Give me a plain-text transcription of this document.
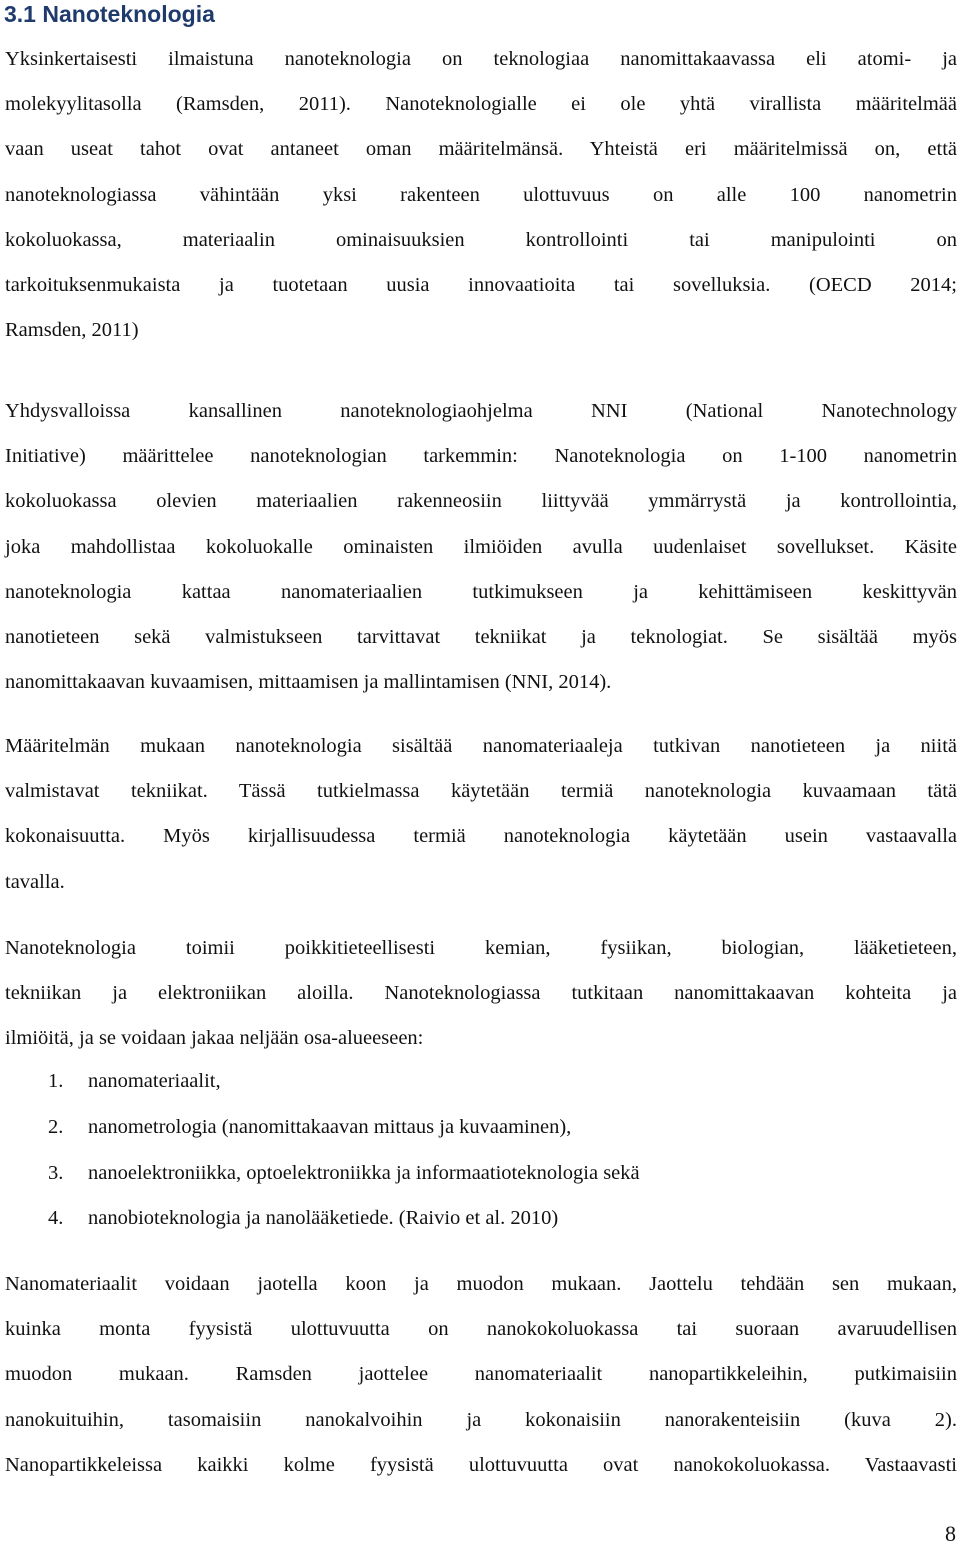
3.1 Nanoteknologia

Yksinkertaisesti ilmaistuna nanoteknologia on teknologiaa nanomittakaavassa eli atomi- ja
molekyylitasolla (Ramsden, 2011). Nanoteknologialle ei ole yhtä virallista määritelmää
vaan useat tahot ovat antaneet oman määritelmänsä. Yhteistä eri määritelmissä on, että
nanoteknologiassa vähintään yksi rakenteen ulottuvuus on alle 100 nanometrin
kokoluokassa, materiaalin ominaisuuksien kontrollointi tai manipulointi on
tarkoituksenmukaista ja tuotetaan uusia innovaatioita tai sovelluksia. (OECD 2014;
Ramsden, 2011)

Yhdysvalloissa kansallinen nanoteknologiaohjelma NNI (National Nanotechnology
Initiative) määrittelee nanoteknologian tarkemmin: Nanoteknologia on 1-100 nanometrin
kokoluokassa olevien materiaalien rakenneosiin liittyvää ymmärrystä ja kontrollointia,
joka mahdollistaa kokoluokalle ominaisten ilmiöiden avulla uudenlaiset sovellukset. Käsite
nanoteknologia kattaa nanomateriaalien tutkimukseen ja kehittämiseen keskittyvän
nanotieteen sekä valmistukseen tarvittavat tekniikat ja teknologiat. Se sisältää myös
nanomittakaavan kuvaamisen, mittaamisen ja mallintamisen (NNI, 2014).

Määritelmän mukaan nanoteknologia sisältää nanomateriaaleja tutkivan nanotieteen ja niitä
valmistavat tekniikat. Tässä tutkielmassa käytetään termiä nanoteknologia kuvaamaan tätä
kokonaisuutta. Myös kirjallisuudessa termiä nanoteknologia käytetään usein vastaavalla
tavalla.

Nanoteknologia toimii poikkitieteellisesti kemian, fysiikan, biologian, lääketieteen,
tekniikan ja elektroniikan aloilla. Nanoteknologiassa tutkitaan nanomittakaavan kohteita ja
ilmiöitä, ja se voidaan jakaa neljään osa-alueeseen:

1. nanomateriaalit,
2. nanometrologia (nanomittakaavan mittaus ja kuvaaminen),
3. nanoelektroniikka, optoelektroniikka ja informaatioteknologia sekä
4. nanobioteknologia ja nanolääketiede. (Raivio et al. 2010)

Nanomateriaalit voidaan jaotella koon ja muodon mukaan. Jaottelu tehdään sen mukaan,
kuinka monta fyysistä ulottuvuutta on nanokokoluokassa tai suoraan avaruudellisen
muodon mukaan. Ramsden jaottelee nanomateriaalit nanopartikkeleihin, putkimaisiin
nanokuituihin, tasomaisiin nanokalvoihin ja kokonaisiin nanorakenteisiin (kuva 2).
Nanopartikkeleissa kaikki kolme fyysistä ulottuvuutta ovat nanokokoluokassa. Vastaavasti

8
